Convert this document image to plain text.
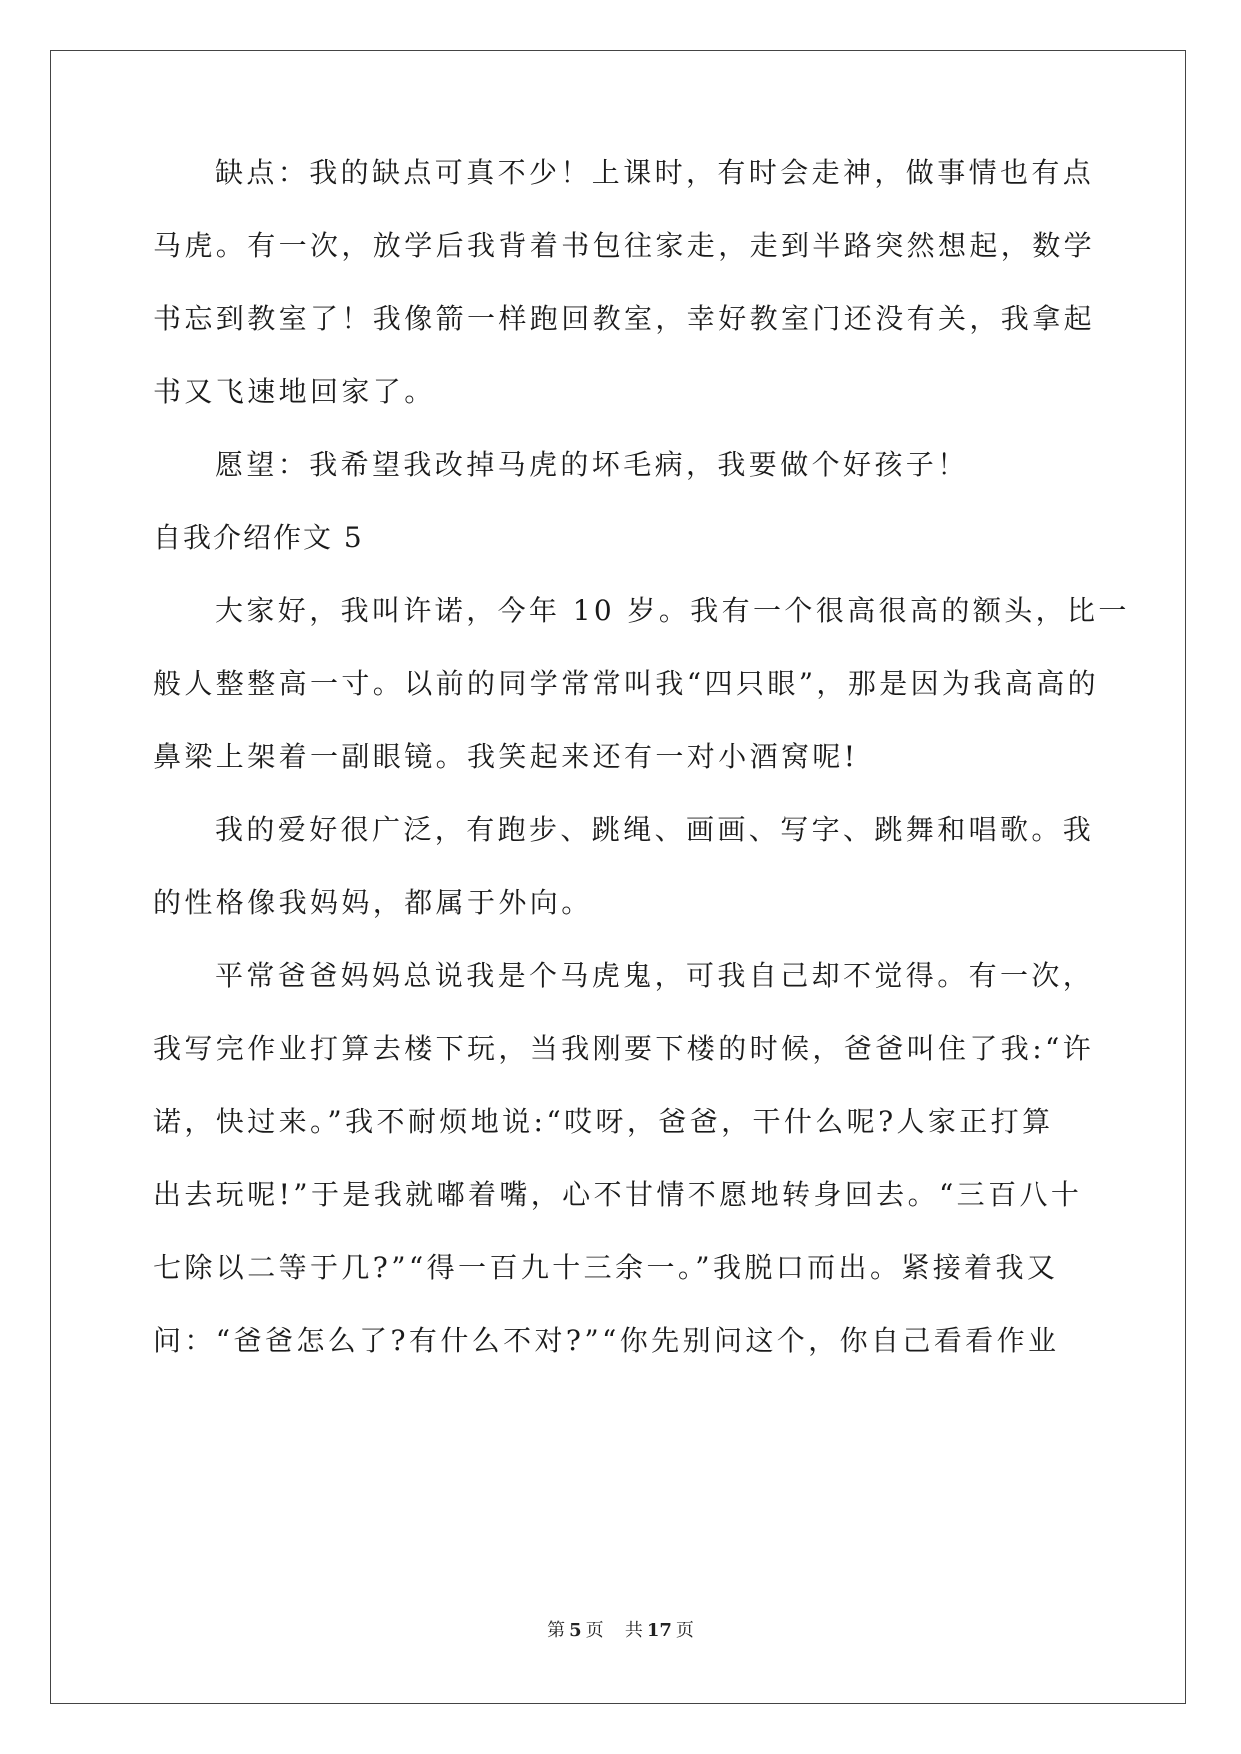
缺点：我的缺点可真不少！上课时，有时会走神，做事情也有点
马虎。有一次，放学后我背着书包往家走，走到半路突然想起，数学
书忘到教室了！我像箭一样跑回教室，幸好教室门还没有关，我拿起
书又飞速地回家了。
愿望：我希望我改掉马虎的坏毛病，我要做个好孩子！
自我介绍作文 5
大家好，我叫许诺，今年 10 岁。我有一个很高很高的额头，比一
般人整整高一寸。以前的同学常常叫我“四只眼”，那是因为我高高的
鼻梁上架着一副眼镜。我笑起来还有一对小酒窝呢!
我的爱好很广泛，有跑步、跳绳、画画、写字、跳舞和唱歌。我
的性格像我妈妈，都属于外向。
平常爸爸妈妈总说我是个马虎鬼，可我自己却不觉得。有一次，
我写完作业打算去楼下玩，当我刚要下楼的时候，爸爸叫住了我:“许
诺，快过来。”我不耐烦地说:“哎呀，爸爸，干什么呢?人家正打算
出去玩呢!”于是我就嘟着嘴，心不甘情不愿地转身回去。“三百八十
七除以二等于几?”“得一百九十三余一。”我脱口而出。紧接着我又
问：“爸爸怎么了?有什么不对?”“你先别问这个，你自己看看作业
第 5 页 共 17 页
